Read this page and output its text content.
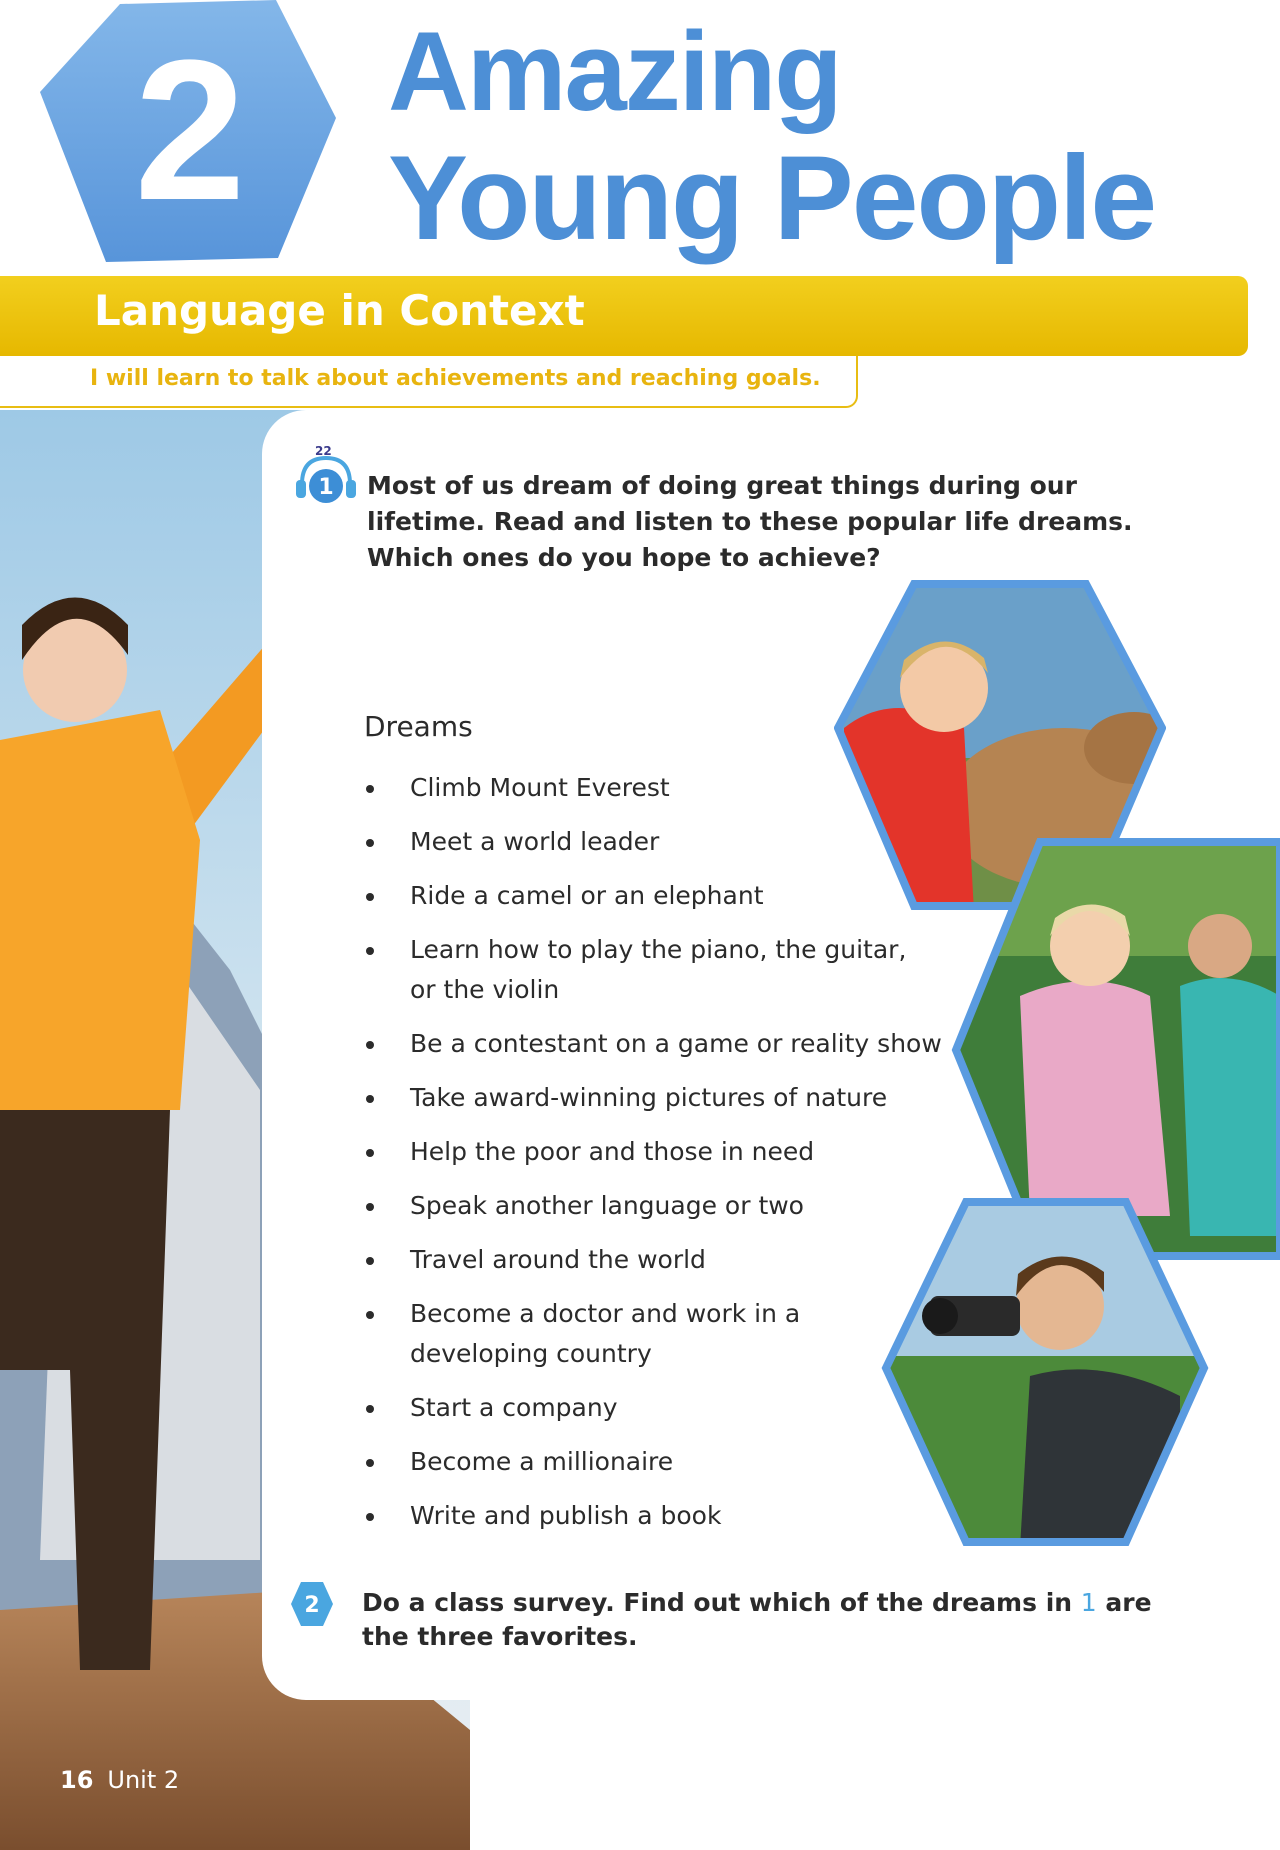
2	Amazing
Young People
Language in Context
I will learn to talk about achievements and reaching goals.
1
22
Most of us dream of doing great things during our lifetime. Read and listen to these popular life dreams. Which ones do you hope to achieve?
Dreams
Climb Mount Everest
Meet a world leader
Ride a camel or an elephant
Learn how to play the piano, the guitar, or the violin
Be a contestant on a game or reality show
Take award-winning pictures of nature
Help the poor and those in need
Speak another language or two
Travel around the world
Become a doctor and work in a developing country
Start a company
Become a millionaire
Write and publish a book
2 Do a class survey. Find out which of the dreams in 1 are the three favorites.
16 Unit 2
